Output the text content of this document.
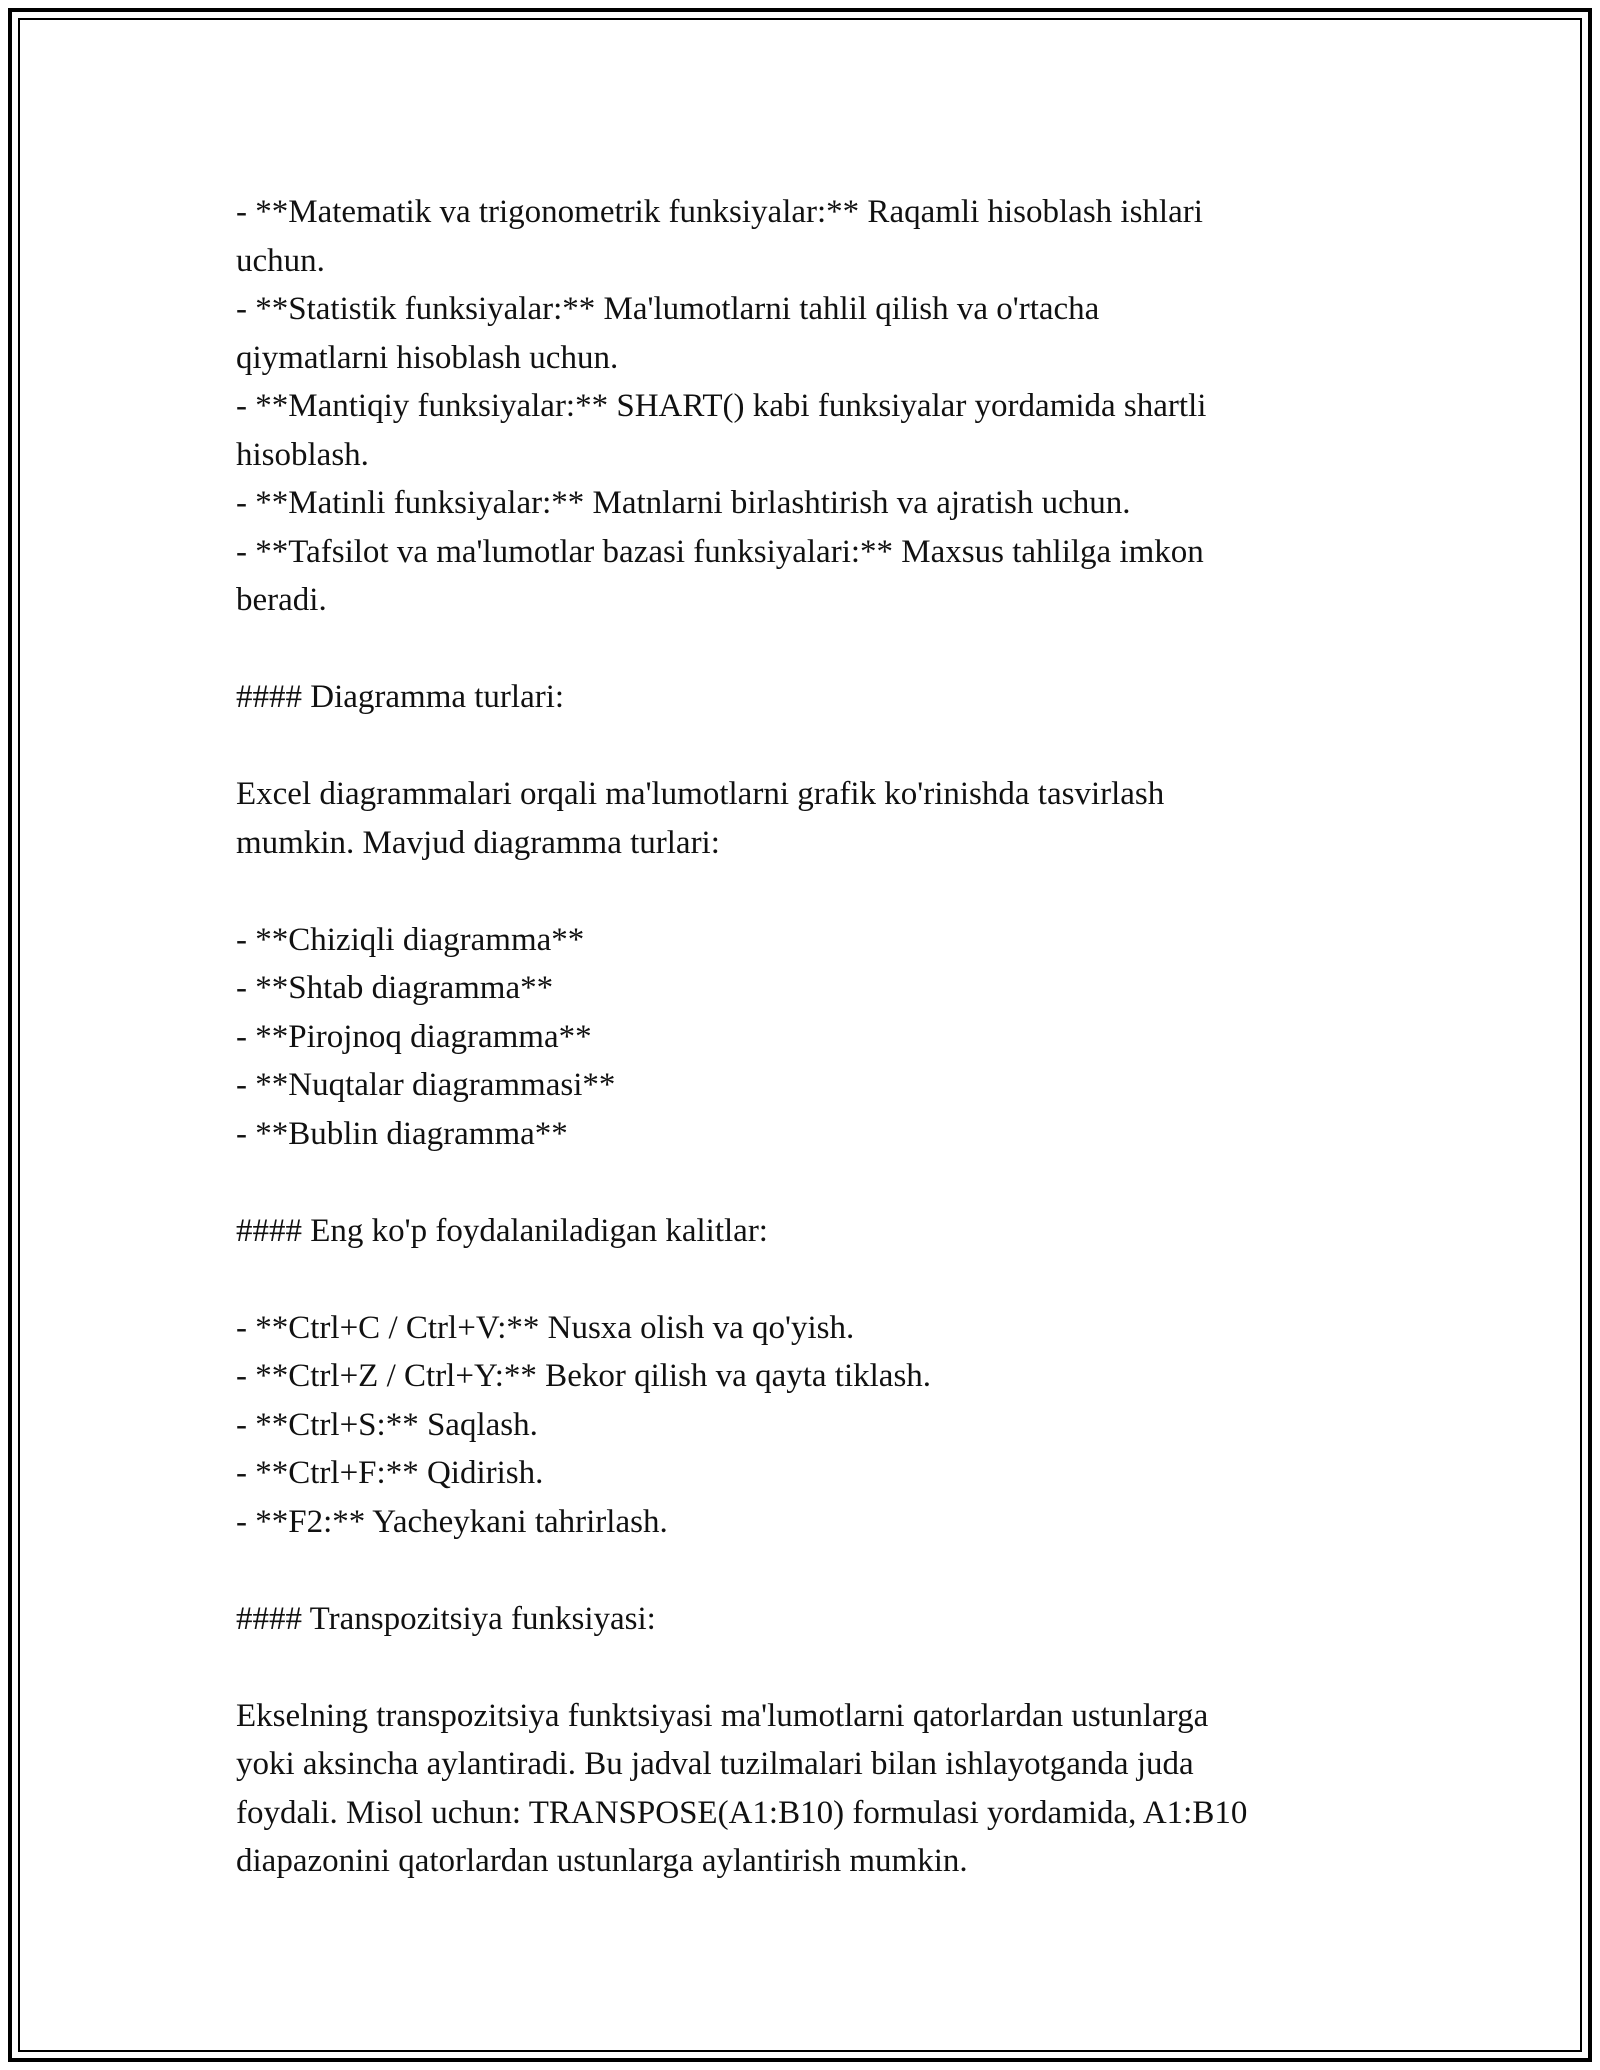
- **Matematik va trigonometrik funksiyalar:** Raqamli hisoblash ishlari

uchun.

- **Statistik funksiyalar:** Ma'lumotlarni tahlil qilish va o'rtacha

qiymatlarni hisoblash uchun.

- **Mantiqiy funksiyalar:** SHART() kabi funksiyalar yordamida shartli

hisoblash.

- **Matinli funksiyalar:** Matnlarni birlashtirish va ajratish uchun.

- **Tafsilot va ma'lumotlar bazasi funksiyalari:** Maxsus tahlilga imkon

beradi.

#### Diagramma turlari:

Excel diagrammalari orqali ma'lumotlarni grafik ko'rinishda tasvirlash

mumkin. Mavjud diagramma turlari:

- **Chiziqli diagramma**

- **Shtab diagramma**

- **Pirojnoq diagramma**

- **Nuqtalar diagrammasi**

- **Bublin diagramma**

#### Eng ko'p foydalaniladigan kalitlar:

- **Ctrl+C / Ctrl+V:** Nusxa olish va qo'yish.

- **Ctrl+Z / Ctrl+Y:** Bekor qilish va qayta tiklash.

- **Ctrl+S:** Saqlash.

- **Ctrl+F:** Qidirish.

- **F2:** Yacheykani tahrirlash.

#### Transpozitsiya funksiyasi:

Ekselning transpozitsiya funktsiyasi ma'lumotlarni qatorlardan ustunlarga

yoki aksincha aylantiradi. Bu jadval tuzilmalari bilan ishlayotganda juda

foydali. Misol uchun: TRANSPOSE(A1:B10) formulasi yordamida, A1:B10

diapazonini qatorlardan ustunlarga aylantirish mumkin.
